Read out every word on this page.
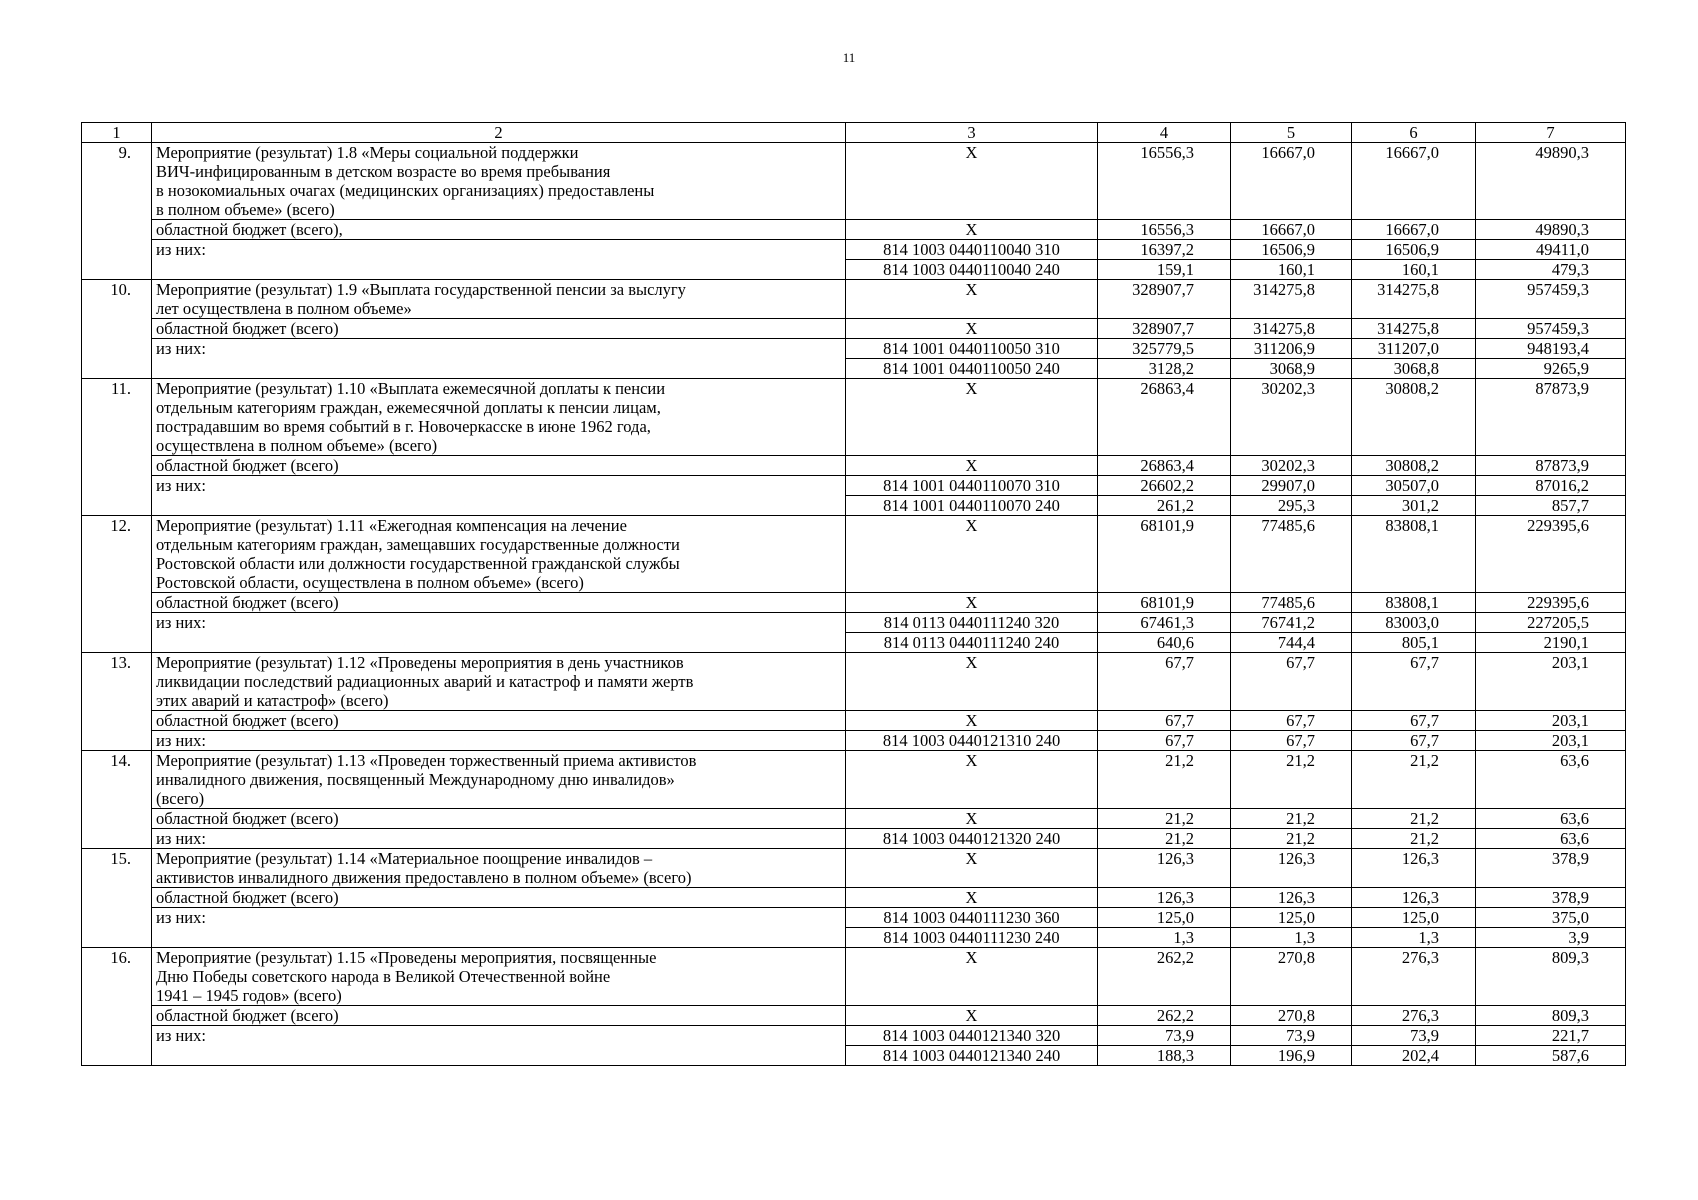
11
1	2	3	4	5	6	7
9.	Мероприятие (результат) 1.8 «Меры социальной поддержки
ВИЧ-инфицированным в детском возрасте во время пребывания
в нозокомиальных очагах (медицинских организациях) предоставлены
в полном объеме» (всего)	X	16556,3	16667,0	16667,0	49890,3
	областной бюджет (всего),	X	16556,3	16667,0	16667,0	49890,3
	из них:	814 1003 0440110040 310	16397,2	16506,9	16506,9	49411,0
		814 1003 0440110040 240	159,1	160,1	160,1	479,3
10.	Мероприятие (результат) 1.9 «Выплата государственной пенсии за выслугу
лет осуществлена в полном объеме»	X	328907,7	314275,8	314275,8	957459,3
	областной бюджет (всего)	X	328907,7	314275,8	314275,8	957459,3
	из них:	814 1001 0440110050 310	325779,5	311206,9	311207,0	948193,4
		814 1001 0440110050 240	3128,2	3068,9	3068,8	9265,9
11.	Мероприятие (результат) 1.10 «Выплата ежемесячной доплаты к пенсии
отдельным категориям граждан, ежемесячной доплаты к пенсии лицам,
пострадавшим во время событий в г. Новочеркасске в июне 1962 года,
осуществлена в полном объеме» (всего)	X	26863,4	30202,3	30808,2	87873,9
	областной бюджет (всего)	X	26863,4	30202,3	30808,2	87873,9
	из них:	814 1001 0440110070 310	26602,2	29907,0	30507,0	87016,2
		814 1001 0440110070 240	261,2	295,3	301,2	857,7
12.	Мероприятие (результат) 1.11 «Ежегодная компенсация на лечение
отдельным категориям граждан, замещавших государственные должности
Ростовской области или должности государственной гражданской службы
Ростовской области, осуществлена в полном объеме» (всего)	X	68101,9	77485,6	83808,1	229395,6
	областной бюджет (всего)	X	68101,9	77485,6	83808,1	229395,6
	из них:	814 0113 0440111240 320	67461,3	76741,2	83003,0	227205,5
		814 0113 0440111240 240	640,6	744,4	805,1	2190,1
13.	Мероприятие (результат) 1.12 «Проведены мероприятия в день участников
ликвидации последствий радиационных аварий и катастроф и памяти жертв
этих аварий и катастроф» (всего)	X	67,7	67,7	67,7	203,1
	областной бюджет (всего)	X	67,7	67,7	67,7	203,1
	из них:	814 1003 0440121310 240	67,7	67,7	67,7	203,1
14.	Мероприятие (результат) 1.13 «Проведен торжественный приема активистов
инвалидного движения, посвященный Международному дню инвалидов»
(всего)	X	21,2	21,2	21,2	63,6
	областной бюджет (всего)	X	21,2	21,2	21,2	63,6
	из них:	814 1003 0440121320 240	21,2	21,2	21,2	63,6
15.	Мероприятие (результат) 1.14 «Материальное поощрение инвалидов –
активистов инвалидного движения предоставлено в полном объеме» (всего)	X	126,3	126,3	126,3	378,9
	областной бюджет (всего)	X	126,3	126,3	126,3	378,9
	из них:	814 1003 0440111230 360	125,0	125,0	125,0	375,0
		814 1003 0440111230 240	1,3	1,3	1,3	3,9
16.	Мероприятие (результат) 1.15 «Проведены мероприятия, посвященные
Дню Победы советского народа в Великой Отечественной войне
1941 – 1945 годов» (всего)	X	262,2	270,8	276,3	809,3
	областной бюджет (всего)	X	262,2	270,8	276,3	809,3
	из них:	814 1003 0440121340 320	73,9	73,9	73,9	221,7
		814 1003 0440121340 240	188,3	196,9	202,4	587,6
